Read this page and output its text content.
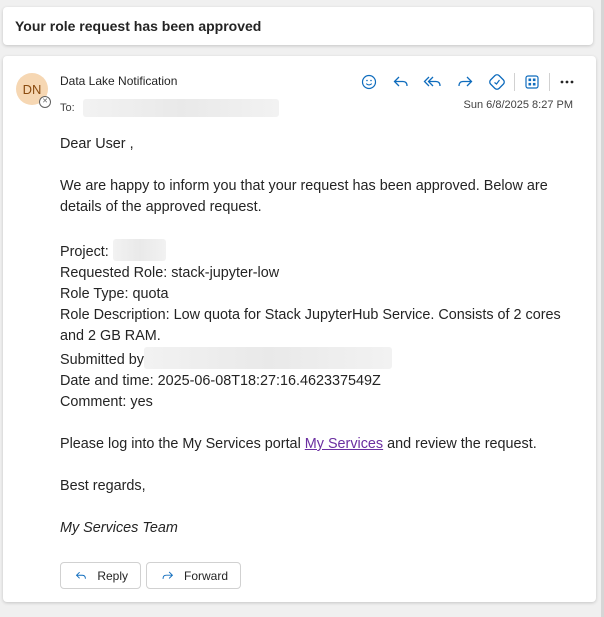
Your role request has been approved
DN
✕
Data Lake Notification
To:	Sun 6/8/2025 8:27 PM

Dear User ,

We are happy to inform you that your request has been approved. Below are details of the approved request.

Project:

Requested Role: stack-jupyter-low

Role Type: quota

Role Description: Low quota for Stack JupyterHub Service. Consists of 2 cores and 2 GB RAM.

Submitted by

Date and time: 2025-06-08T18:27:16.462337549Z

Comment: yes

Please log into the My Services portal My Services and review the request.

Best regards,

My Services Team

Reply	Forward
